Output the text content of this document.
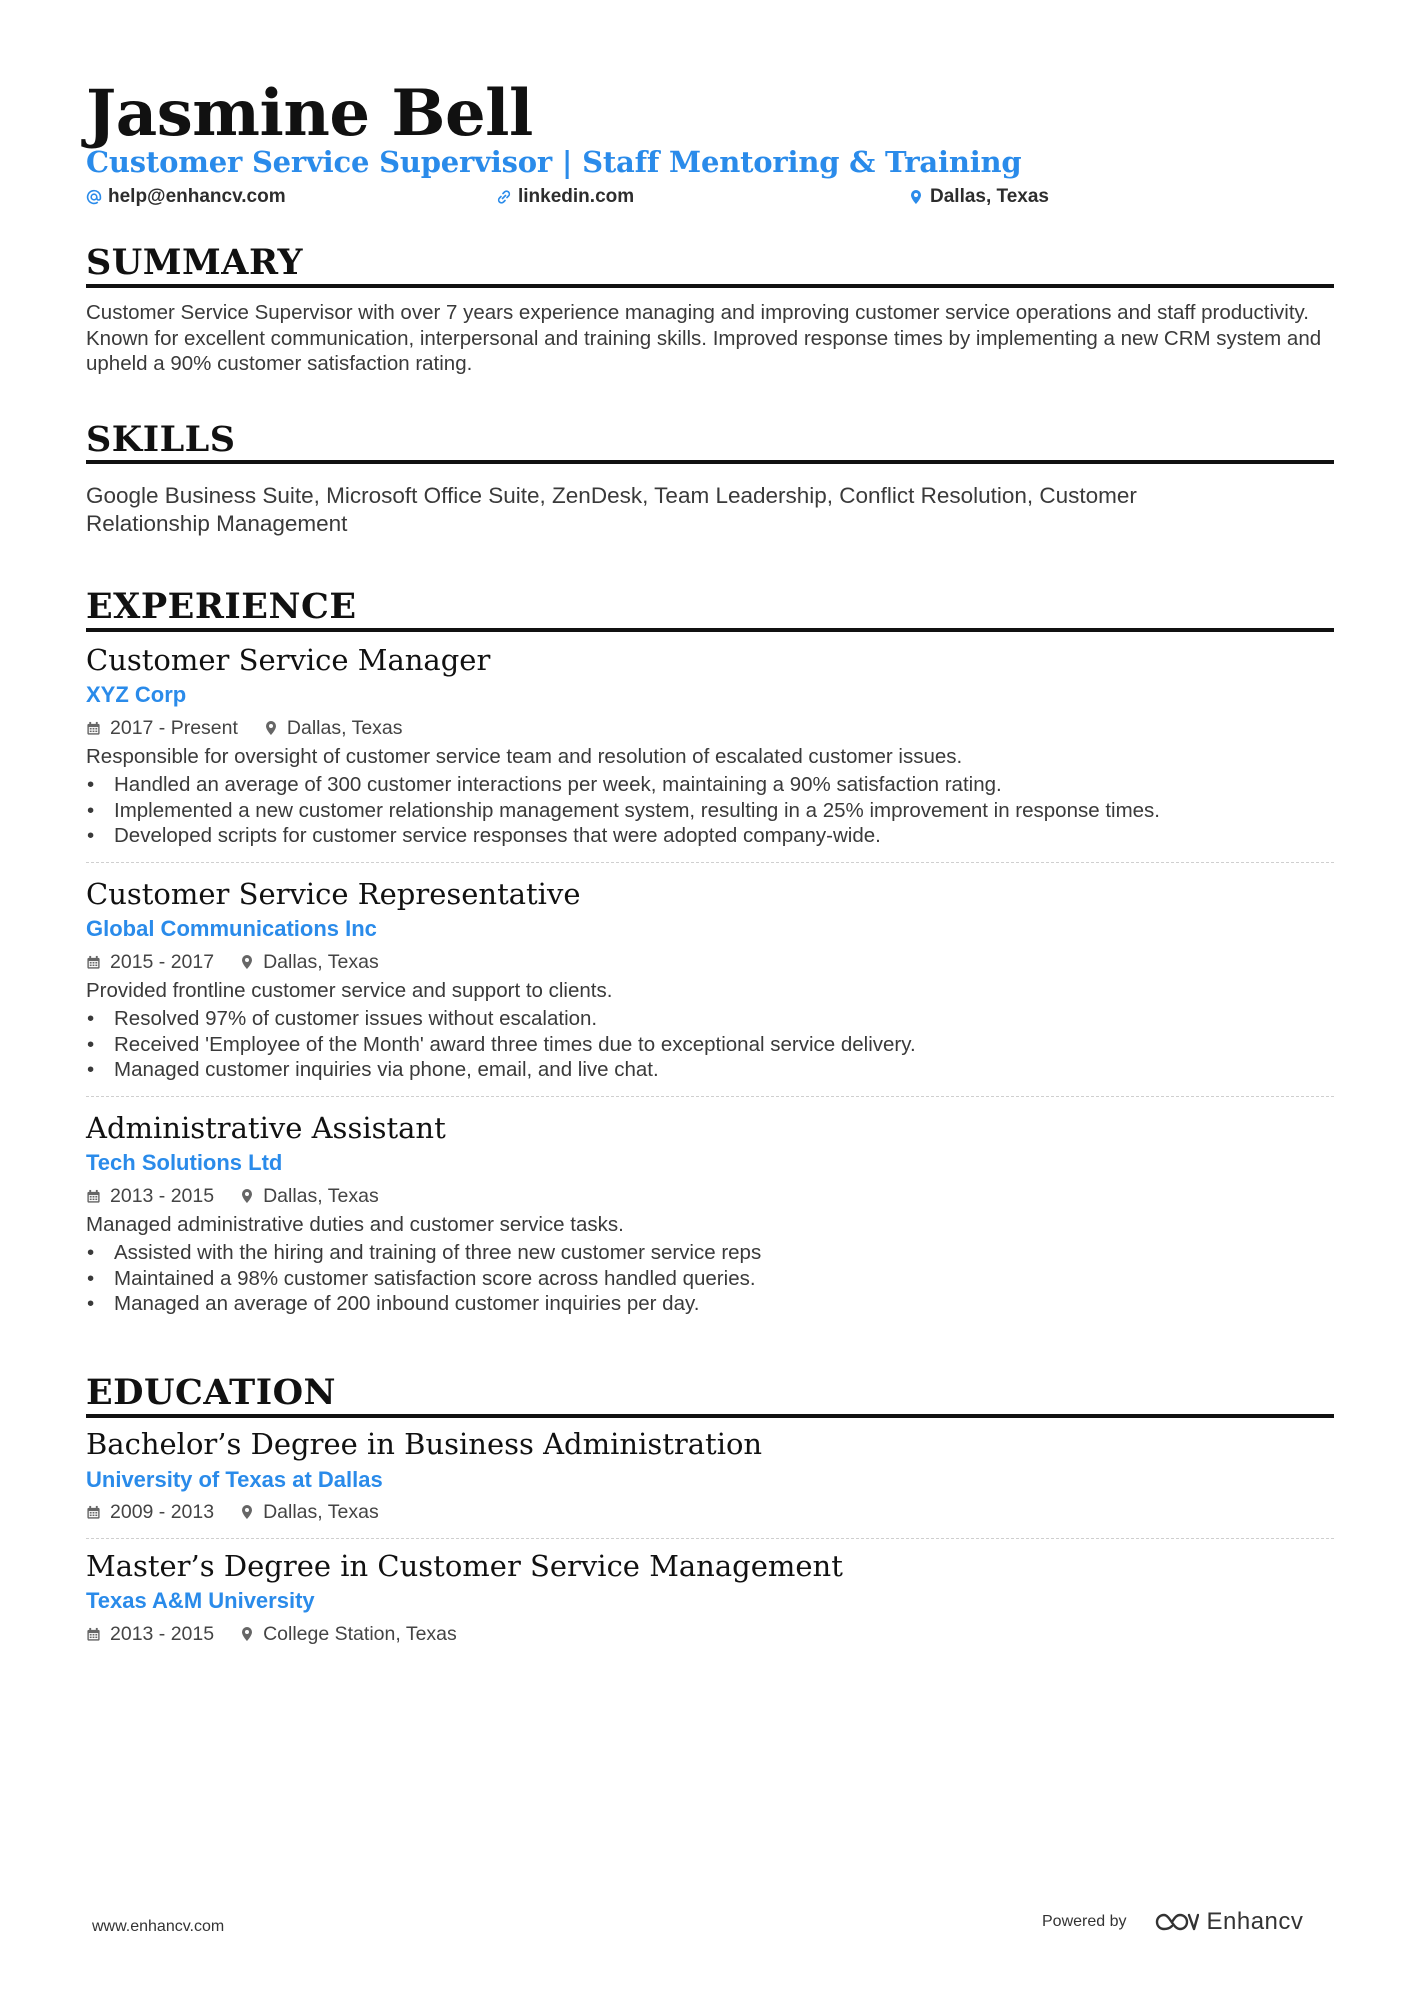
Jasmine Bell
Customer Service Supervisor | Staff Mentoring & Training
help@enhancv.com	linkedin.com	Dallas, Texas
SUMMARY
Customer Service Supervisor with over 7 years experience managing and improving customer service operations and staff productivity. Known for excellent communication, interpersonal and training skills. Improved response times by implementing a new CRM system and upheld a 90% customer satisfaction rating.
SKILLS
Google Business Suite, Microsoft Office Suite, ZenDesk, Team Leadership, Conflict Resolution, Customer Relationship Management
EXPERIENCE
Customer Service Manager
XYZ Corp
2017 - Present	Dallas, Texas
Responsible for oversight of customer service team and resolution of escalated customer issues.
• Handled an average of 300 customer interactions per week, maintaining a 90% satisfaction rating.
• Implemented a new customer relationship management system, resulting in a 25% improvement in response times.
• Developed scripts for customer service responses that were adopted company-wide.
Customer Service Representative
Global Communications Inc
2015 - 2017	Dallas, Texas
Provided frontline customer service and support to clients.
• Resolved 97% of customer issues without escalation.
• Received 'Employee of the Month' award three times due to exceptional service delivery.
• Managed customer inquiries via phone, email, and live chat.
Administrative Assistant
Tech Solutions Ltd
2013 - 2015	Dallas, Texas
Managed administrative duties and customer service tasks.
• Assisted with the hiring and training of three new customer service reps
• Maintained a 98% customer satisfaction score across handled queries.
• Managed an average of 200 inbound customer inquiries per day.
EDUCATION
Bachelor’s Degree in Business Administration
University of Texas at Dallas
2009 - 2013	Dallas, Texas
Master’s Degree in Customer Service Management
Texas A&M University
2013 - 2015	College Station, Texas
www.enhancv.com	Powered by	Enhancv
